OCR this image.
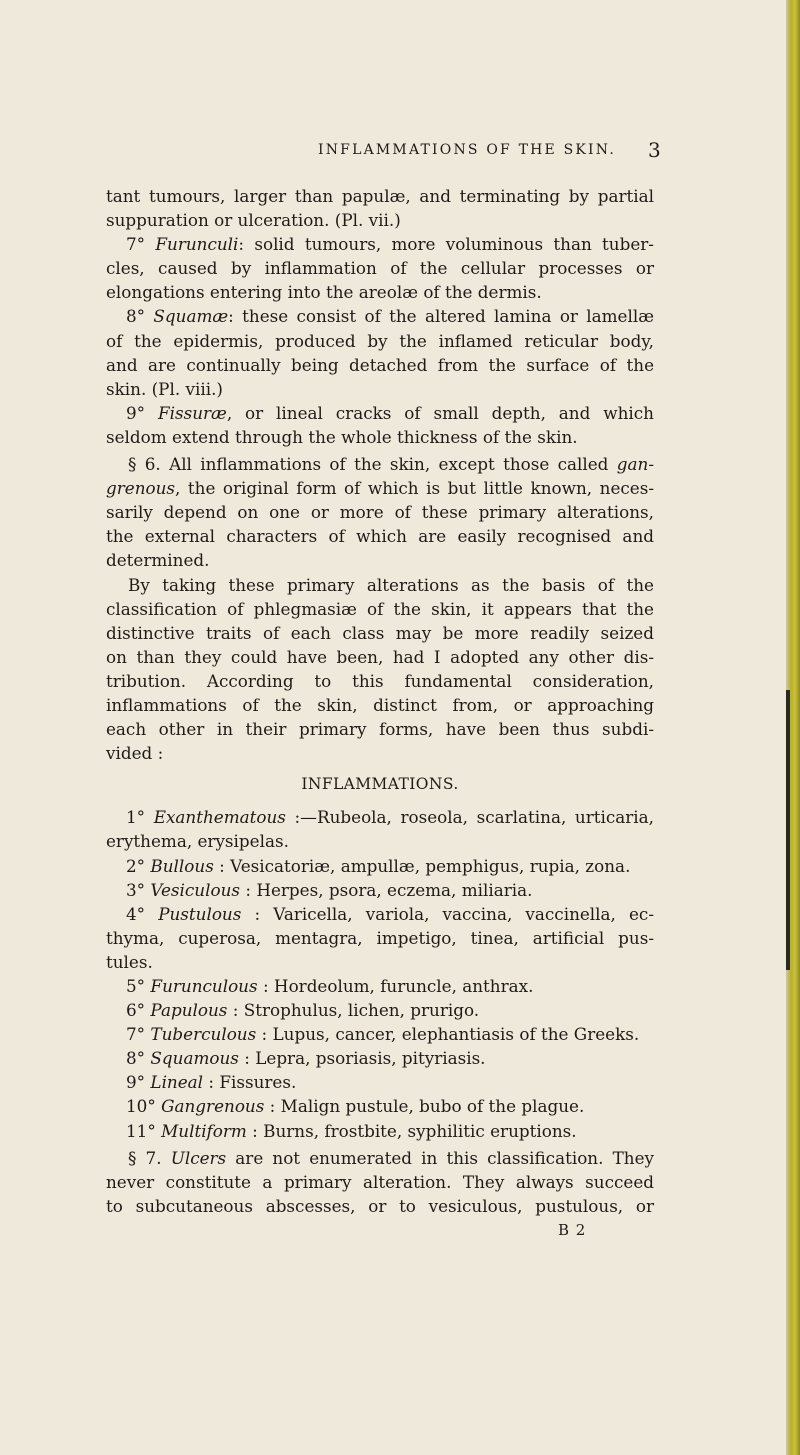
INFLAMMATIONS OF THE SKIN. 3
tant tumours, larger than papulæ, and terminating by partial
suppuration or ulceration. (Pl. vii.)
7° Furunculi: solid tumours, more voluminous than tuber-
cles, caused by inflammation of the cellular processes or
elongations entering into the areolæ of the dermis.
8° Squamæ: these consist of the altered lamina or lamellæ
of the epidermis, produced by the inflamed reticular body,
and are continually being detached from the surface of the
skin. (Pl. viii.)
9° Fissuræ, or lineal cracks of small depth, and which
seldom extend through the whole thickness of the skin.
§ 6. All inflammations of the skin, except those called gan-
grenous, the original form of which is but little known, neces-
sarily depend on one or more of these primary alterations,
the external characters of which are easily recognised and
determined.
By taking these primary alterations as the basis of the
classification of phlegmasiæ of the skin, it appears that the
distinctive traits of each class may be more readily seized
on than they could have been, had I adopted any other dis-
tribution. According to this fundamental consideration,
inflammations of the skin, distinct from, or approaching
each other in their primary forms, have been thus subdi-
vided :
INFLAMMATIONS.
1° Exanthematous :—Rubeola, roseola, scarlatina, urticaria,
erythema, erysipelas.
2° Bullous : Vesicatoriæ, ampullæ, pemphigus, rupia, zona.
3° Vesiculous : Herpes, psora, eczema, miliaria.
4° Pustulous : Varicella, variola, vaccina, vaccinella, ec-
thyma, cuperosa, mentagra, impetigo, tinea, artificial pus-
tules.
5° Furunculous : Hordeolum, furuncle, anthrax.
6° Papulous : Strophulus, lichen, prurigo.
7° Tuberculous : Lupus, cancer, elephantiasis of the Greeks.
8° Squamous : Lepra, psoriasis, pityriasis.
9° Lineal : Fissures.
10° Gangrenous : Malign pustule, bubo of the plague.
11° Multiform : Burns, frostbite, syphilitic eruptions.
§ 7. Ulcers are not enumerated in this classification. They
never constitute a primary alteration. They always succeed
to subcutaneous abscesses, or to vesiculous, pustulous, or
B 2
